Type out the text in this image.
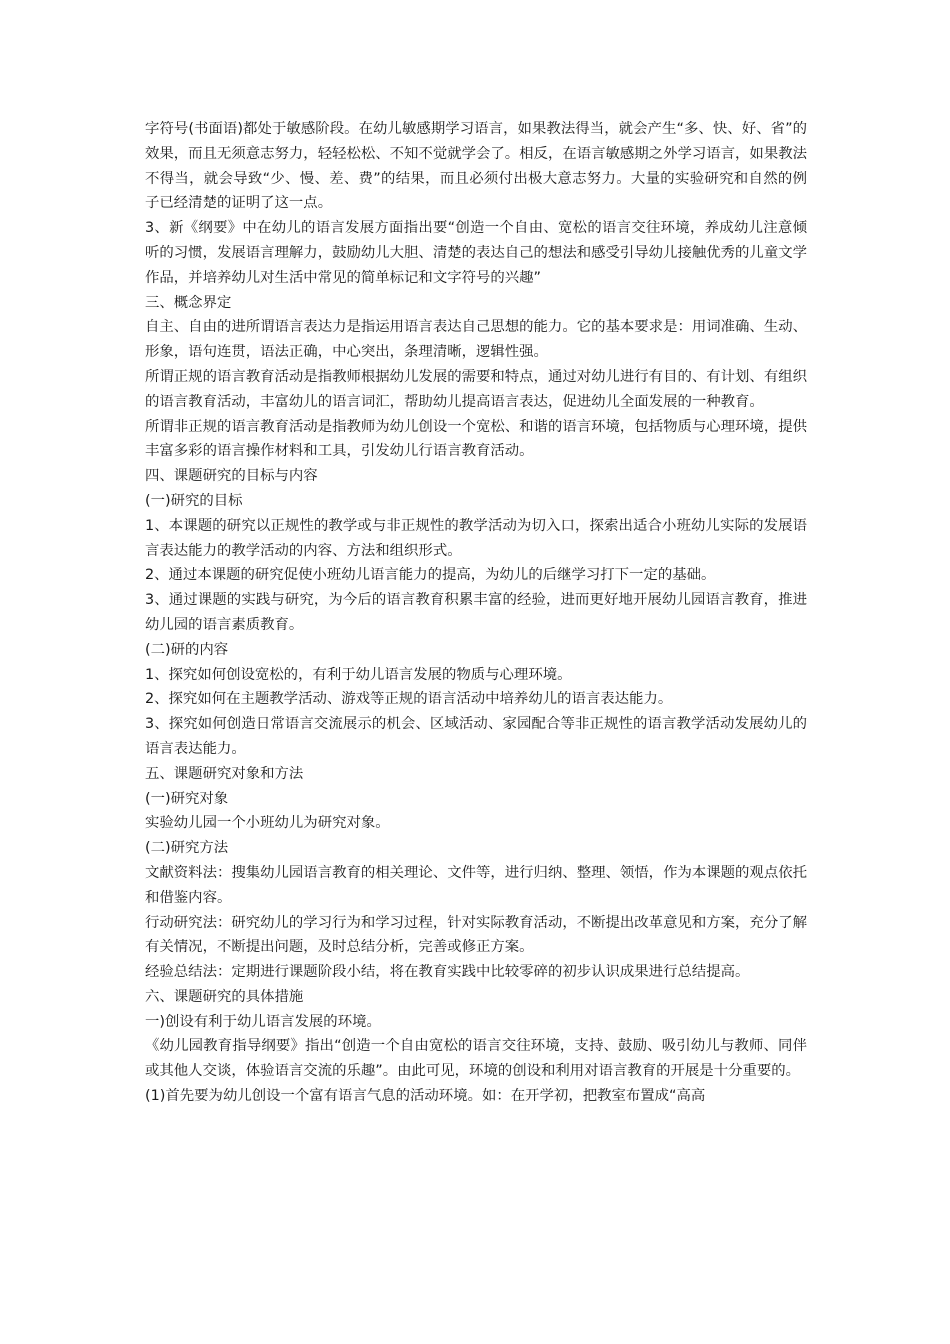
字符号(书面语)都处于敏感阶段。在幼儿敏感期学习语言，如果教法得当，就会产生“多、快、好、省”的效果，而且无须意志努力，轻轻松松、不知不觉就学会了。相反，在语言敏感期之外学习语言，如果教法不得当，就会导致“少、慢、差、费”的结果，而且必须付出极大意志努力。大量的实验研究和自然的例子已经清楚的证明了这一点。

3、新《纲要》中在幼儿的语言发展方面指出要“创造一个自由、宽松的语言交往环境，养成幼儿注意倾听的习惯，发展语言理解力，鼓励幼儿大胆、清楚的表达自己的想法和感受引导幼儿接触优秀的儿童文学作品，并培养幼儿对生活中常见的简单标记和文字符号的兴趣”

三、概念界定

自主、自由的进所谓语言表达力是指运用语言表达自己思想的能力。它的基本要求是：用词准确、生动、形象，语句连贯，语法正确，中心突出，条理清晰，逻辑性强。

所谓正规的语言教育活动是指教师根据幼儿发展的需要和特点，通过对幼儿进行有目的、有计划、有组织的语言教育活动，丰富幼儿的语言词汇，帮助幼儿提高语言表达，促进幼儿全面发展的一种教育。

所谓非正规的语言教育活动是指教师为幼儿创设一个宽松、和谐的语言环境，包括物质与心理环境，提供丰富多彩的语言操作材料和工具，引发幼儿行语言教育活动。

四、课题研究的目标与内容

(一)研究的目标

1、本课题的研究以正规性的教学或与非正规性的教学活动为切入口，探索出适合小班幼儿实际的发展语言表达能力的教学活动的内容、方法和组织形式。

2、通过本课题的研究促使小班幼儿语言能力的提高，为幼儿的后继学习打下一定的基础。

3、通过课题的实践与研究，为今后的语言教育积累丰富的经验，进而更好地开展幼儿园语言教育，推进幼儿园的语言素质教育。

(二)研的内容

1、探究如何创设宽松的，有利于幼儿语言发展的物质与心理环境。

2、探究如何在主题教学活动、游戏等正规的语言活动中培养幼儿的语言表达能力。

3、探究如何创造日常语言交流展示的机会、区域活动、家园配合等非正规性的语言教学活动发展幼儿的语言表达能力。

五、课题研究对象和方法

(一)研究对象

实验幼儿园一个小班幼儿为研究对象。

(二)研究方法

文献资料法：搜集幼儿园语言教育的相关理论、文件等，进行归纳、整理、领悟，作为本课题的观点依托和借鉴内容。

行动研究法：研究幼儿的学习行为和学习过程，针对实际教育活动，不断提出改革意见和方案，充分了解有关情况，不断提出问题，及时总结分析，完善或修正方案。

经验总结法：定期进行课题阶段小结，将在教育实践中比较零碎的初步认识成果进行总结提高。

六、课题研究的具体措施

一)创设有利于幼儿语言发展的环境。

《幼儿园教育指导纲要》指出“创造一个自由宽松的语言交往环境，支持、鼓励、吸引幼儿与教师、同伴或其他人交谈，体验语言交流的乐趣”。由此可见，环境的创设和利用对语言教育的开展是十分重要的。

(1)首先要为幼儿创设一个富有语言气息的活动环境。如：在开学初，把教室布置成“高高
